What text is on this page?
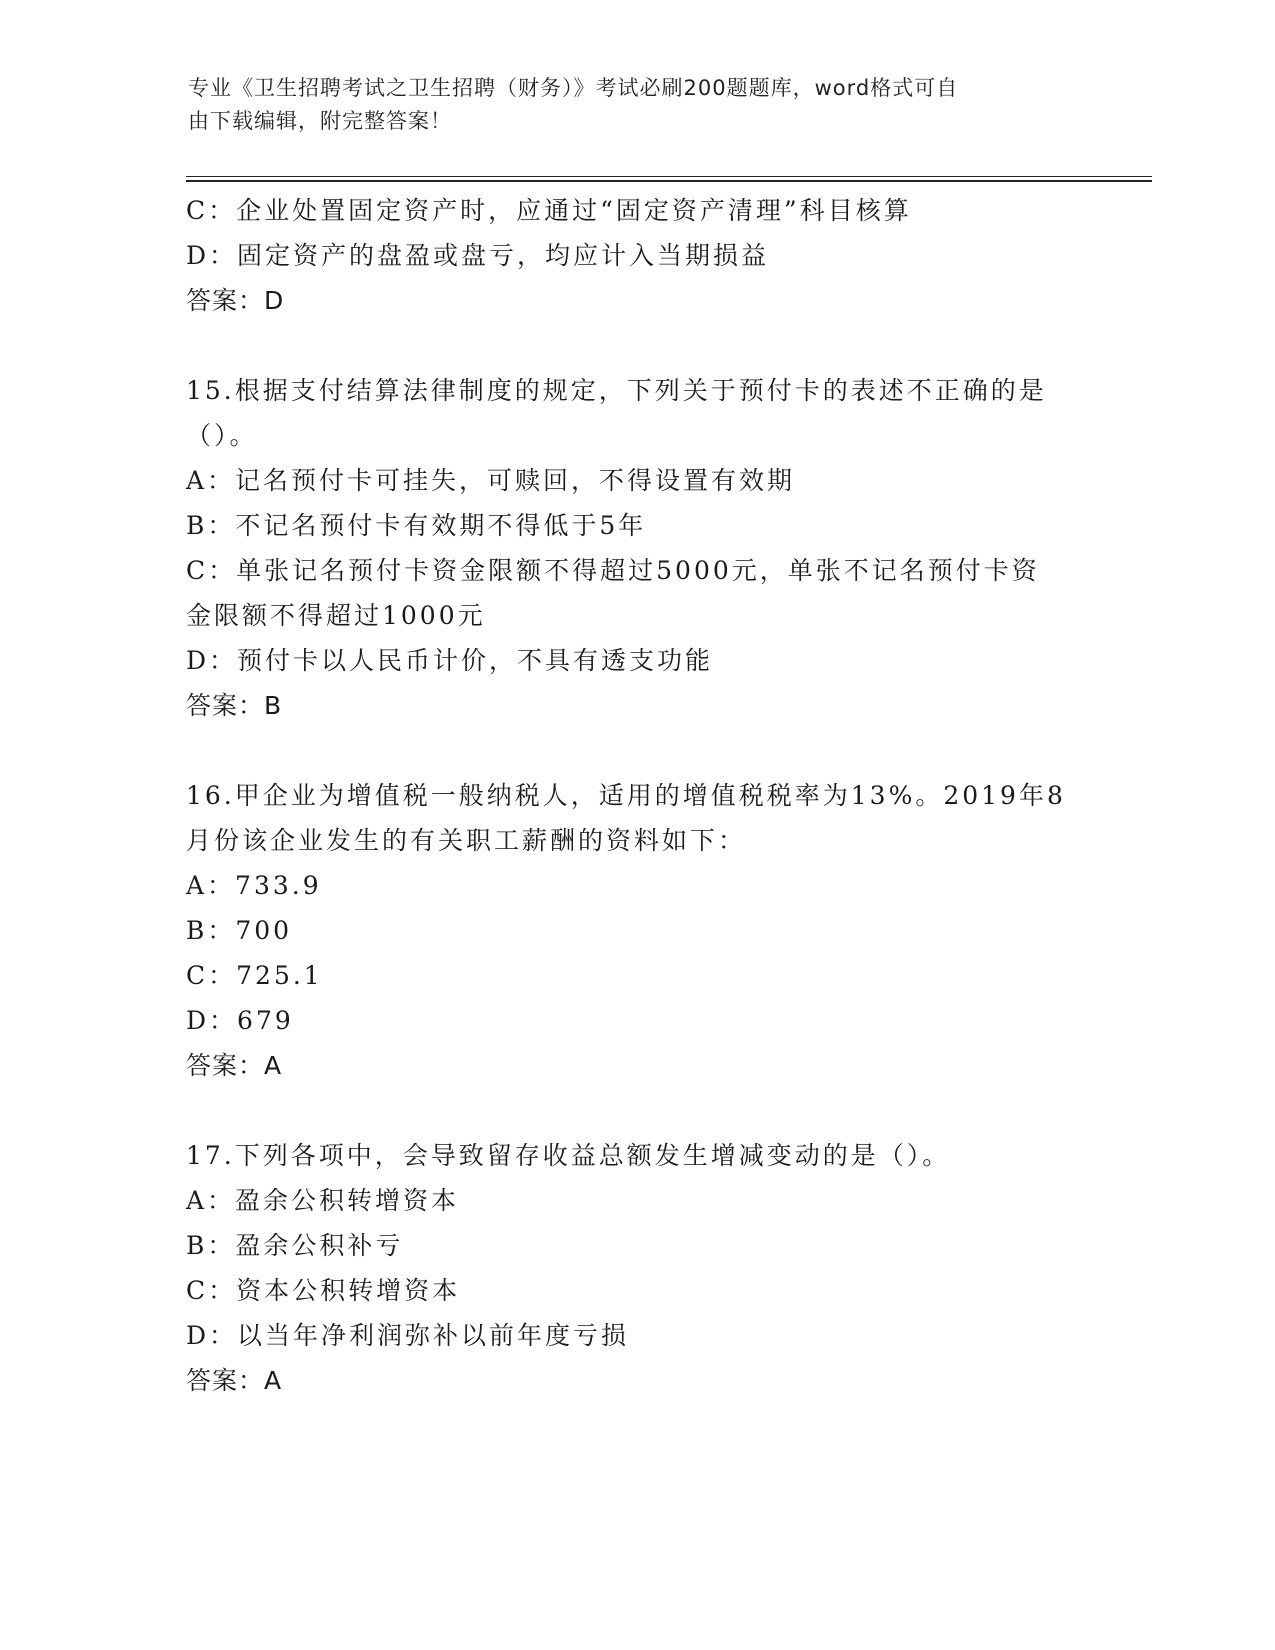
专业《卫生招聘考试之卫生招聘（财务）》考试必刷200题题库，word格式可自
由下载编辑，附完整答案！
C：企业处置固定资产时，应通过“固定资产清理”科目核算
D：固定资产的盘盈或盘亏，均应计入当期损益
答案：D
15.根据支付结算法律制度的规定，下列关于预付卡的表述不正确的是
（）。
A：记名预付卡可挂失，可赎回，不得设置有效期
B：不记名预付卡有效期不得低于5年
C：单张记名预付卡资金限额不得超过5000元，单张不记名预付卡资
金限额不得超过1000元
D：预付卡以人民币计价，不具有透支功能
答案：B
16.甲企业为增值税一般纳税人，适用的增值税税率为13%。2019年8
月份该企业发生的有关职工薪酬的资料如下：
A：733.9
B：700
C：725.1
D：679
答案：A
17.下列各项中，会导致留存收益总额发生增减变动的是（）。
A：盈余公积转增资本
B：盈余公积补亏
C：资本公积转增资本
D：以当年净利润弥补以前年度亏损
答案：A
